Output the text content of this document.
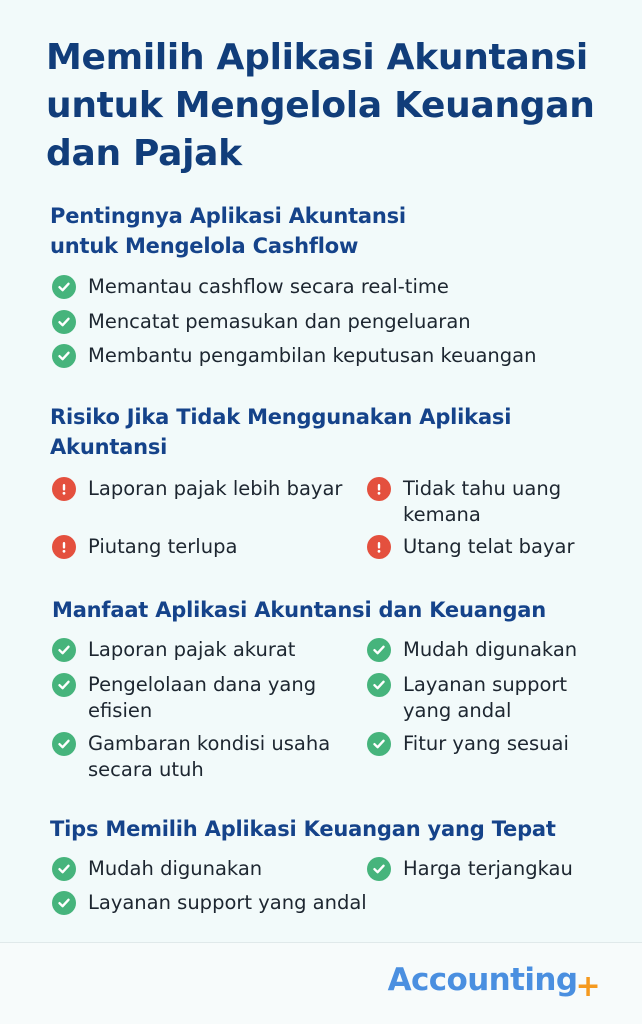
Memilih Aplikasi Akuntansi untuk Mengelola Keuangan dan Pajak
Pentingnya Aplikasi Akuntansi untuk Mengelola Cashflow
Memantau cashflow secara real-time
Mencatat pemasukan dan pengeluaran
Membantu pengambilan keputusan keuangan
Risiko Jika Tidak Menggunakan Aplikasi Akuntansi
Laporan pajak lebih bayar	Tidak tahu uang kemana
Piutang terlupa	Utang telat bayar
Manfaat Aplikasi Akuntansi dan Keuangan
Laporan pajak akurat	Mudah digunakan
Pengelolaan dana yang efisien
Layanan support yang andal
Gambaran kondisi usaha secara utuh
Fitur yang sesuai
Tips Memilih Aplikasi Keuangan yang Tepat
Mudah digunakan	Harga terjangkau
Layanan support yang andal
Accounting+
